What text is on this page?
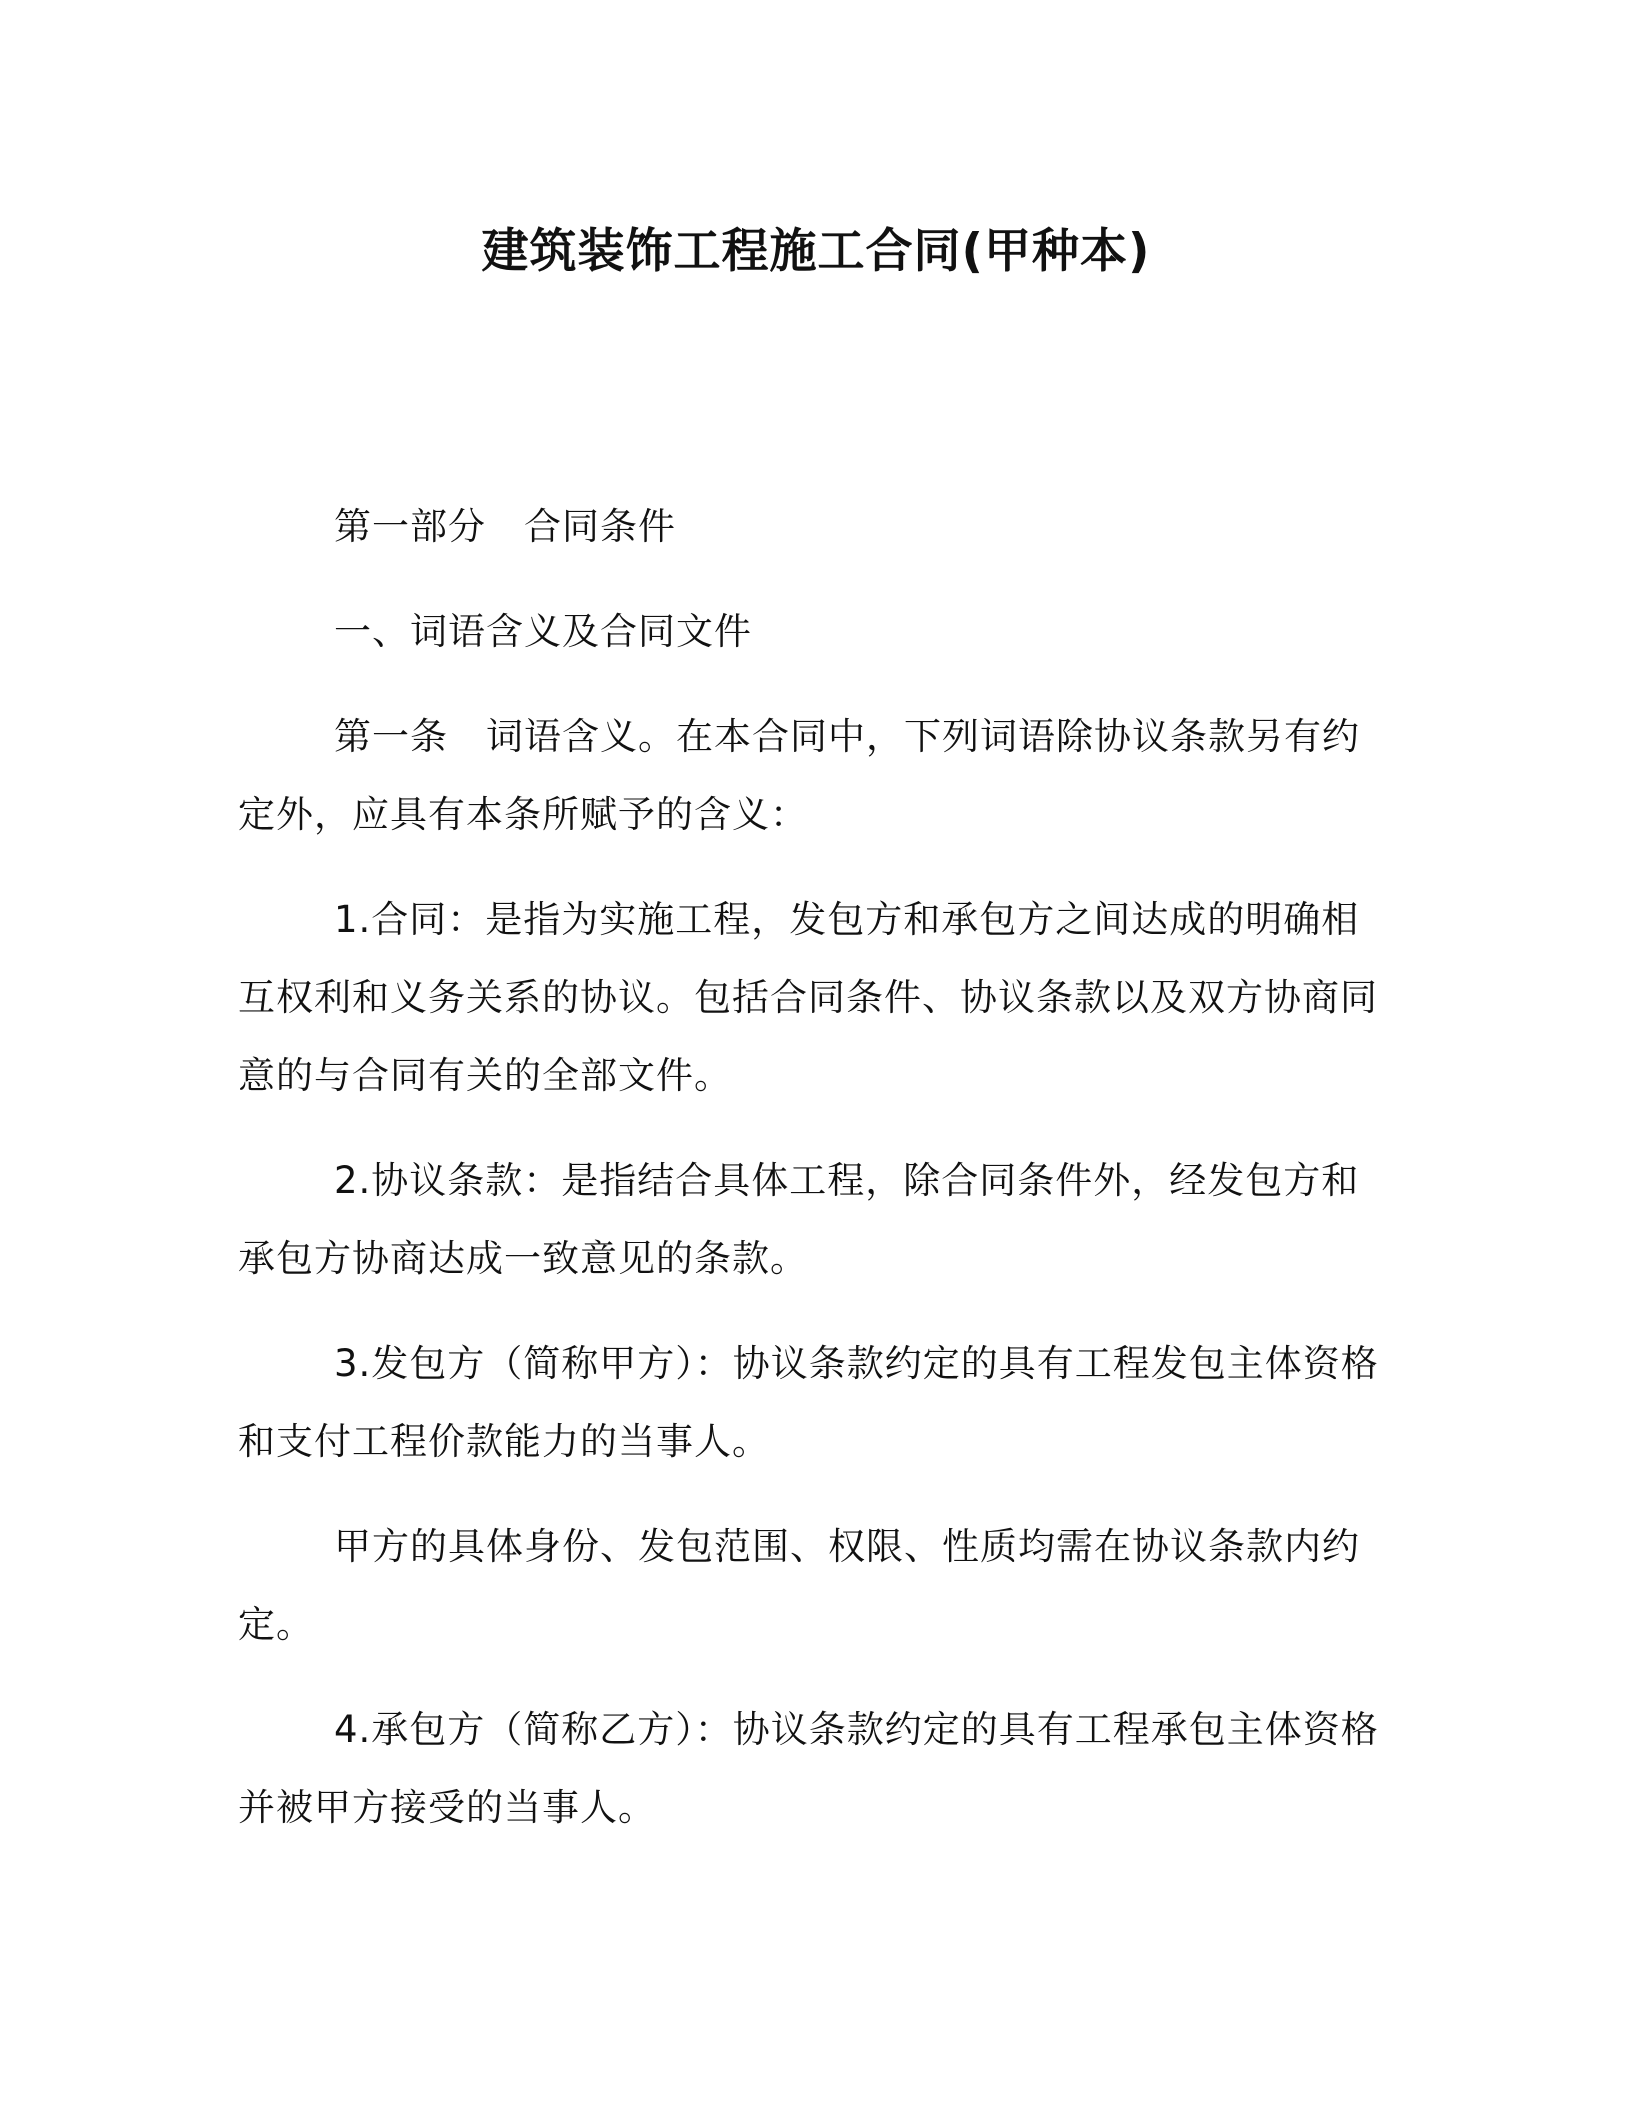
建筑装饰工程施工合同(甲种本)

第一部分　合同条件

一、词语含义及合同文件

第一条　词语含义。在本合同中，下列词语除协议条款另有约定外，应具有本条所赋予的含义：

1.合同：是指为实施工程，发包方和承包方之间达成的明确相互权利和义务关系的协议。包括合同条件、协议条款以及双方协商同意的与合同有关的全部文件。

2.协议条款：是指结合具体工程，除合同条件外，经发包方和承包方协商达成一致意见的条款。

3.发包方（简称甲方）：协议条款约定的具有工程发包主体资格和支付工程价款能力的当事人。

甲方的具体身份、发包范围、权限、性质均需在协议条款内约定。

4.承包方（简称乙方）：协议条款约定的具有工程承包主体资格并被甲方接受的当事人。
